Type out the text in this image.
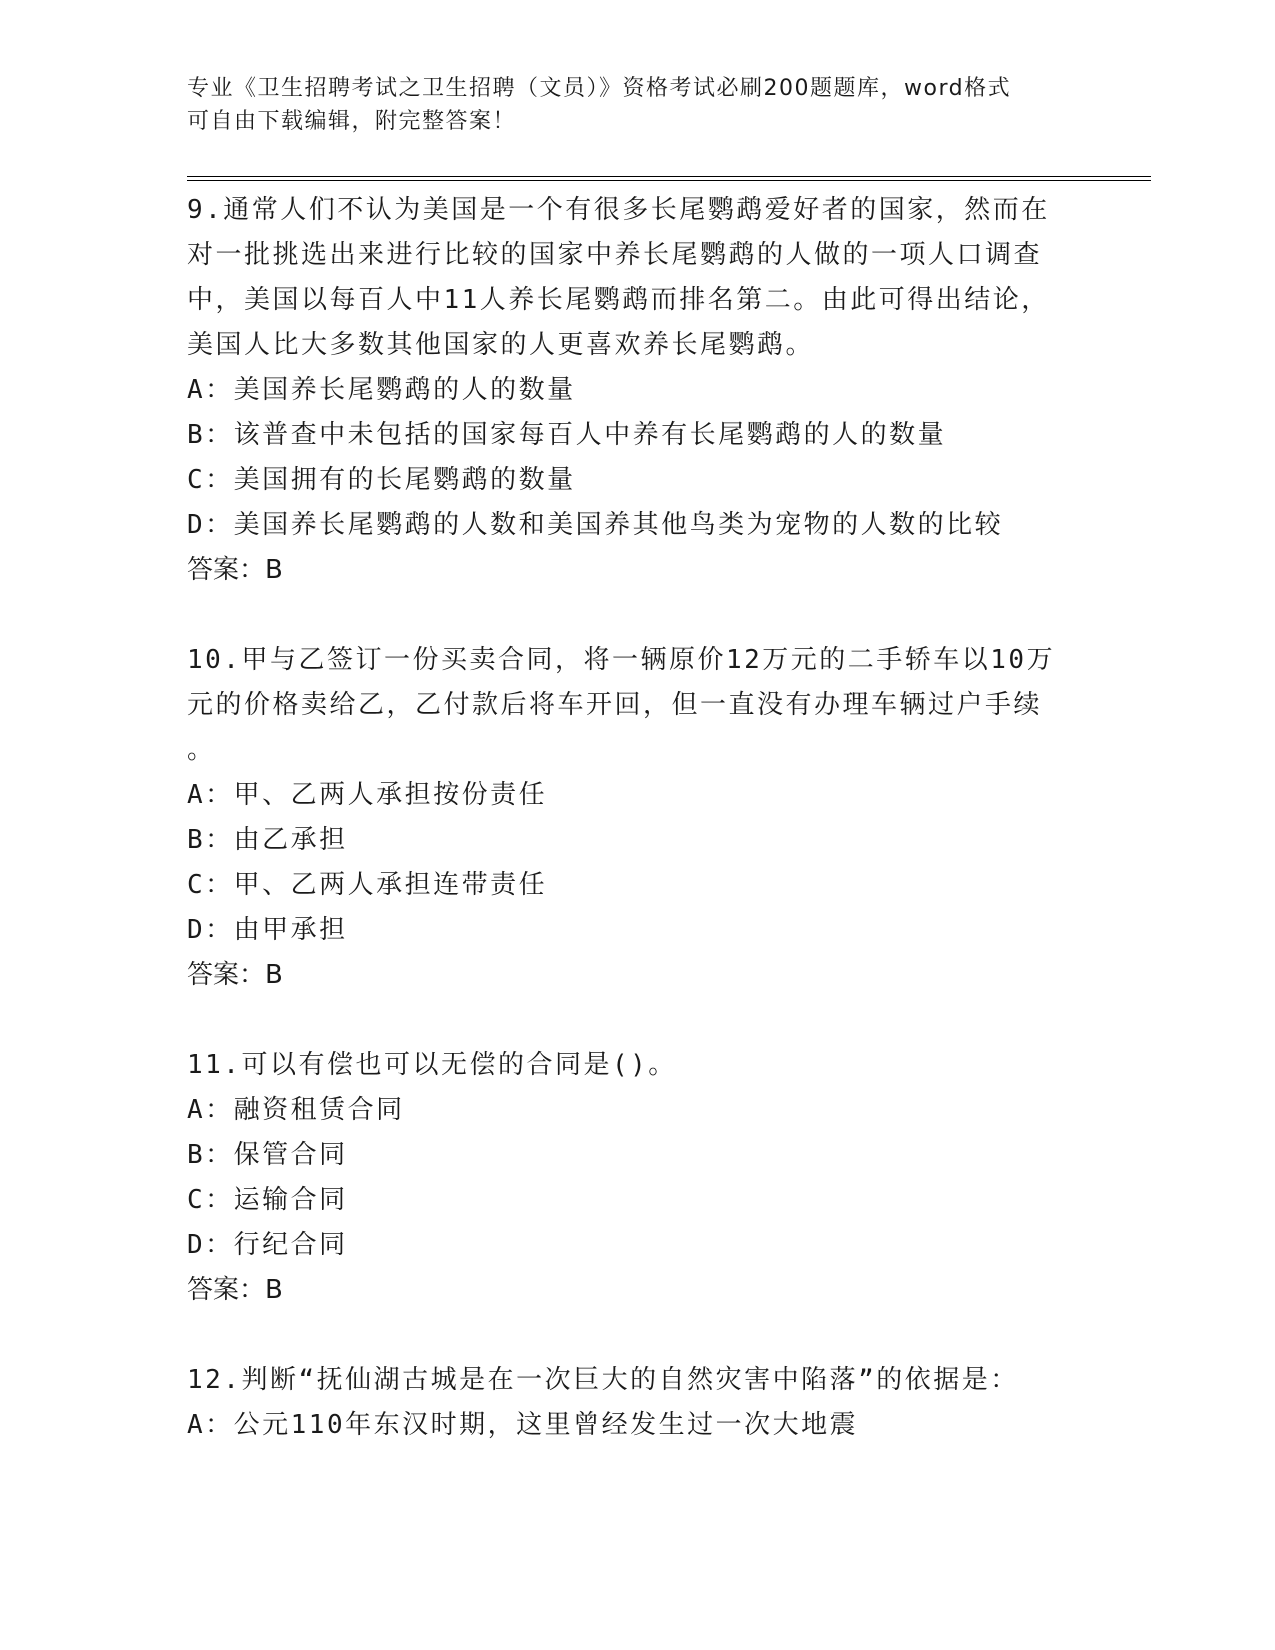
专业《卫生招聘考试之卫生招聘（文员）》资格考试必刷200题题库，word格式
可自由下载编辑，附完整答案！
9.通常人们不认为美国是一个有很多长尾鹦鹉爱好者的国家，然而在
对一批挑选出来进行比较的国家中养长尾鹦鹉的人做的一项人口调查
中，美国以每百人中11人养长尾鹦鹉而排名第二。由此可得出结论，
美国人比大多数其他国家的人更喜欢养长尾鹦鹉。
A：美国养长尾鹦鹉的人的数量
B：该普查中未包括的国家每百人中养有长尾鹦鹉的人的数量
C：美国拥有的长尾鹦鹉的数量
D：美国养长尾鹦鹉的人数和美国养其他鸟类为宠物的人数的比较
答案：B
10.甲与乙签订一份买卖合同，将一辆原价12万元的二手轿车以10万
元的价格卖给乙，乙付款后将车开回，但一直没有办理车辆过户手续
。
A：甲、乙两人承担按份责任
B：由乙承担
C：甲、乙两人承担连带责任
D：由甲承担
答案：B
11.可以有偿也可以无偿的合同是()。
A：融资租赁合同
B：保管合同
C：运输合同
D：行纪合同
答案：B
12.判断“抚仙湖古城是在一次巨大的自然灾害中陷落”的依据是：
A：公元110年东汉时期，这里曾经发生过一次大地震
